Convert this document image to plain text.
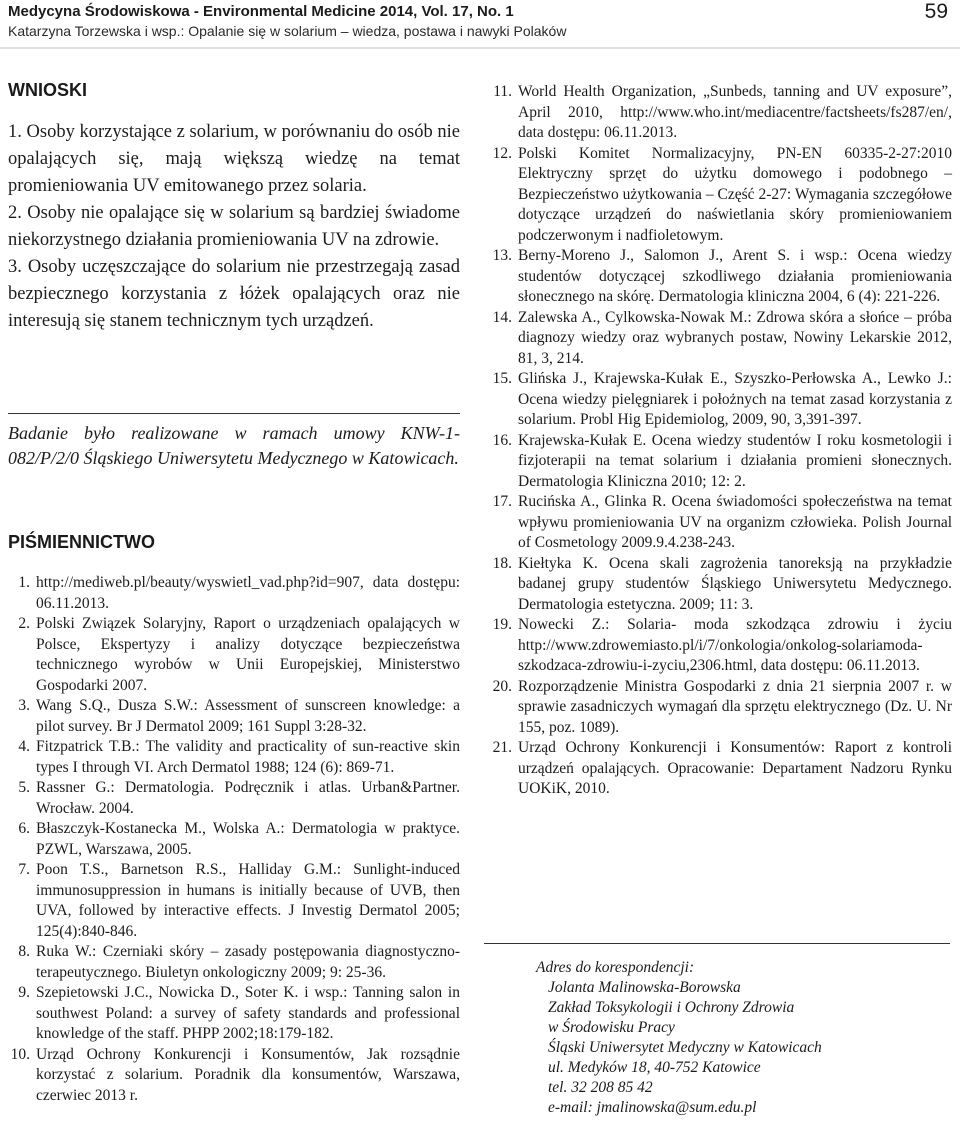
Medycyna Środowiskowa - Environmental Medicine 2014, Vol. 17, No. 1
Katarzyna Torzewska i wsp.: Opalanie się w solarium – wiedza, postawa i nawyki Polaków
59
WNIOSKI
1. Osoby korzystające z solarium, w porównaniu do osób nie opalających się, mają większą wiedzę na temat promieniowania UV emitowanego przez solaria.
2. Osoby nie opalające się w solarium są bardziej świadome niekorzystnego działania promieniowania UV na zdrowie.
3. Osoby uczęszczające do solarium nie przestrzegają zasad bezpiecznego korzystania z łóżek opalających oraz nie interesują się stanem technicznym tych urządzeń.
Badanie było realizowane w ramach umowy KNW-1-082/P/2/0 Śląskiego Uniwersytetu Medycznego w Katowicach.
PIŚMIENNICTWO
1. http://mediweb.pl/beauty/wyswietl_vad.php?id=907, data dostępu: 06.11.2013.
2. Polski Związek Solaryjny, Raport o urządzeniach opalających w Polsce, Ekspertyzy i analizy dotyczące bezpieczeństwa technicznego wyrobów w Unii Europejskiej, Ministerstwo Gospodarki 2007.
3. Wang S.Q., Dusza S.W.: Assessment of sunscreen knowledge: a pilot survey. Br J Dermatol 2009; 161 Suppl 3:28-32.
4. Fitzpatrick T.B.: The validity and practicality of sun-reactive skin types I through VI. Arch Dermatol 1988; 124 (6): 869-71.
5. Rassner G.: Dermatologia. Podręcznik i atlas. Urban&Partner. Wrocław. 2004.
6. Błaszczyk-Kostanecka M., Wolska A.: Dermatologia w praktyce. PZWL, Warszawa, 2005.
7. Poon T.S., Barnetson R.S., Halliday G.M.: Sunlight-induced immunosuppression in humans is initially because of UVB, then UVA, followed by interactive effects. J Investig Dermatol 2005; 125(4):840-846.
8. Ruka W.: Czerniaki skóry – zasady postępowania diagnostyczno-terapeutycznego. Biuletyn onkologiczny 2009; 9: 25-36.
9. Szepietowski J.C., Nowicka D., Soter K. i wsp.: Tanning salon in southwest Poland: a survey of safety standards and professional knowledge of the staff. PHPP 2002;18:179-182.
10. Urząd Ochrony Konkurencji i Konsumentów, Jak rozsądnie korzystać z solarium. Poradnik dla konsumentów, Warszawa, czerwiec 2013 r.
11. World Health Organization, „Sunbeds, tanning and UV exposure”, April 2010, http://www.who.int/mediacentre/factsheets/fs287/en/, data dostępu: 06.11.2013.
12. Polski Komitet Normalizacyjny, PN-EN 60335-2-27:2010 Elektryczny sprzęt do użytku domowego i podobnego – Bezpieczeństwo użytkowania – Część 2-27: Wymagania szczegółowe dotyczące urządzeń do naświetlania skóry promieniowaniem podczerwonym i nadfioletowym.
13. Berny-Moreno J., Salomon J., Arent S. i wsp.: Ocena wiedzy studentów dotyczącej szkodliwego działania promieniowania słonecznego na skórę. Dermatologia kliniczna 2004, 6 (4): 221-226.
14. Zalewska A., Cylkowska-Nowak M.: Zdrowa skóra a słońce – próba diagnozy wiedzy oraz wybranych postaw, Nowiny Lekarskie 2012, 81, 3, 214.
15. Glińska J., Krajewska-Kułak E., Szyszko-Perłowska A., Lewko J.: Ocena wiedzy pielęgniarek i położnych na temat zasad korzystania z solarium. Probl Hig Epidemiolog, 2009, 90, 3,391-397.
16. Krajewska-Kułak E. Ocena wiedzy studentów I roku kosmetologii i fizjoterapii na temat solarium i działania promieni słonecznych. Dermatologia Kliniczna 2010; 12: 2.
17. Rucińska A., Glinka R. Ocena świadomości społeczeństwa na temat wpływu promieniowania UV na organizm człowieka. Polish Journal of Cosmetology 2009.9.4.238-243.
18. Kiełtyka K. Ocena skali zagrożenia tanoreksją na przykładzie badanej grupy studentów Śląskiego Uniwersytetu Medycznego. Dermatologia estetyczna. 2009; 11: 3.
19. Nowecki Z.: Solaria- moda szkodząca zdrowiu i życiu http://www.zdrowemiasto.pl/i/7/onkologia/onkolog-solariamoda-szkodzaca-zdrowiu-i-zyciu,2306.html, data dostępu: 06.11.2013.
20. Rozporządzenie Ministra Gospodarki z dnia 21 sierpnia 2007 r. w sprawie zasadniczych wymagań dla sprzętu elektrycznego (Dz. U. Nr 155, poz. 1089).
21. Urząd Ochrony Konkurencji i Konsumentów: Raport z kontroli urządzeń opalających. Opracowanie: Departament Nadzoru Rynku UOKiK, 2010.
Adres do korespondencji:
Jolanta Malinowska-Borowska
Zakład Toksykologii i Ochrony Zdrowia
w Środowisku Pracy
Śląski Uniwersytet Medyczny w Katowicach
ul. Medyków 18, 40-752 Katowice
tel. 32 208 85 42
e-mail: jmalinowska@sum.edu.pl
